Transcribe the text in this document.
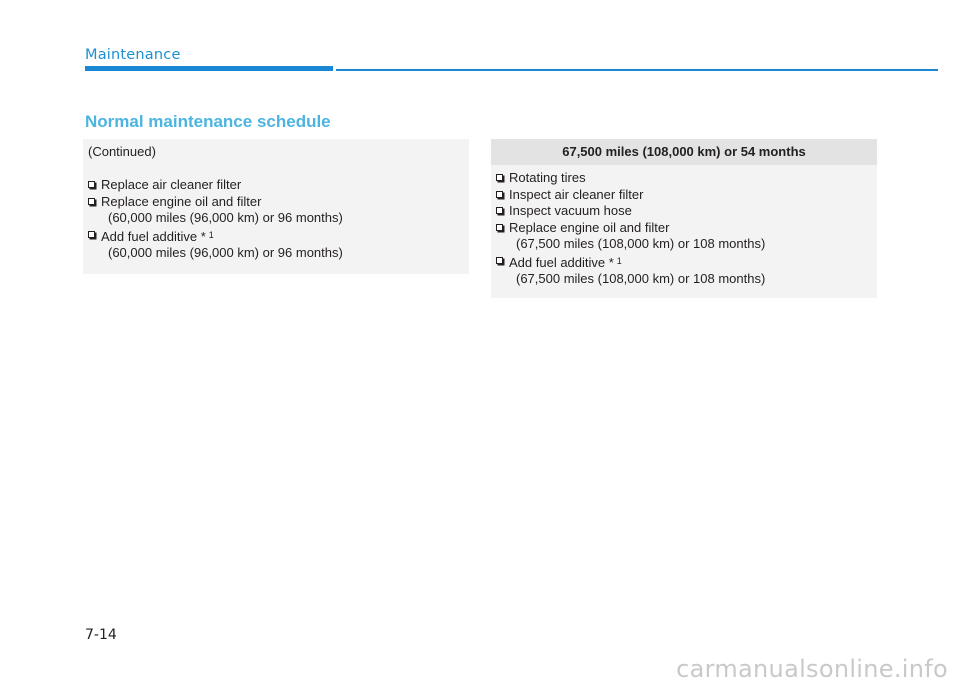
Maintenance
Normal maintenance schedule
(Continued)
Replace air cleaner filter
Replace engine oil and filter
(60,000 miles (96,000 km) or 96 months)
Add fuel additive * $^1$
(60,000 miles (96,000 km) or 96 months)
67,500 miles (108,000 km) or 54 months
Rotating tires
Inspect air cleaner filter
Inspect vacuum hose
Replace engine oil and filter
(67,500 miles (108,000 km) or 108 months)
Add fuel additive * $^1$
(67,500 miles (108,000 km) or 108 months)
7-14
carmanualsonline.info
